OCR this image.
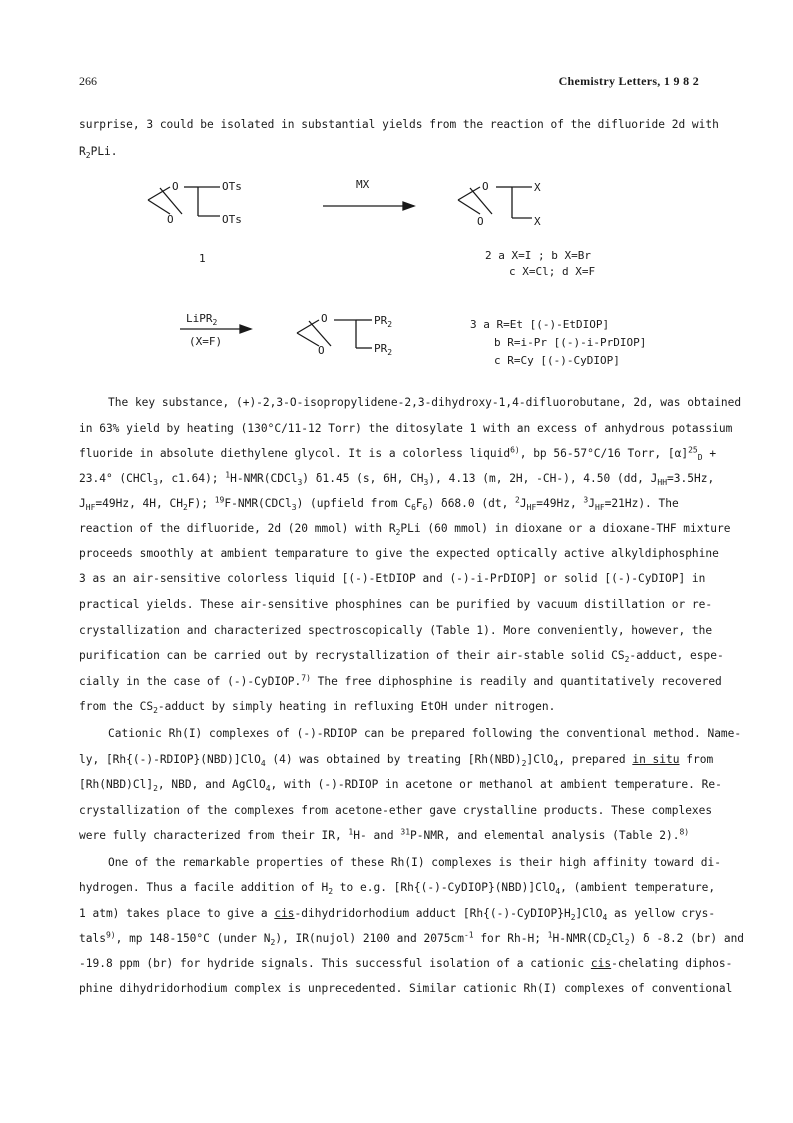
266	Chemistry Letters, 1 9 8 2
surprise, 3 could be isolated in substantial yields from the reaction of the difluoride 2d with
$R_2PLi$.
O
O
OTs
OTs
1
MX	O
O
X
X
2 a X=I ; b X=Br
c X=Cl; d X=F
LiPR$_2$
(X=F)
O
O
$PR_2$
$PR_2$
3 a R=Et [(-)-EtDIOP]
b R=i-Pr [(-)-i-PrDIOP]
c R=Cy [(-)-CyDIOP]
The key substance, (+)-2,3-O-isopropylidene-2,3-dihydroxy-1,4-difluorobutane, 2d, was obtained
in 63% yield by heating (130°C/11-12 Torr) the ditosylate 1 with an excess of anhydrous potassium
fluoride in absolute diethylene glycol. It is a colorless liquid$^{6)}$, bp 56-57°C/16 Torr, $[\alpha]^{25}_D$ +
23.4° (CHCl$_3$, c1.64); $^1$H-NMR(CDCl$_3$) δ1.45 (s, 6H, $CH_3$), 4.13 (m, 2H, -CH-), 4.50 (dd, $J_{HH}=3.5Hz$,
$J_{HF}=49Hz$, 4H, $CH_2F$); $^{19}$F-NMR(CDCl$_3$) (upfield from $C_6F_6$) δ68.0 (dt, $^2J_{HF}=49Hz$, $^3J_{HF}=21Hz$). The
reaction of the difluoride, 2d (20 mmol) with $R_2PLi$ (60 mmol) in dioxane or a dioxane-THF mixture
proceeds smoothly at ambient temparature to give the expected optically active alkyldiphosphine
3 as an air-sensitive colorless liquid [(-)-EtDIOP and (-)-i-PrDIOP] or solid [(-)-CyDIOP] in
practical yields. These air-sensitive phosphines can be purified by vacuum distillation or re-
crystallization and characterized spectroscopically (Table 1). More conveniently, however, the
purification can be carried out by recrystallization of their air-stable solid $CS_2$-adduct, espe-
cially in the case of (-)-CyDIOP.$^{7)}$ The free diphosphine is readily and quantitatively recovered
from the $CS_2$-adduct by simply heating in refluxing EtOH under nitrogen.
Cationic Rh(I) complexes of (-)-RDIOP can be prepared following the conventional method. Name-
ly, [Rh{(-)-RDIOP}(NBD)]ClO$_4$ (4) was obtained by treating $[Rh(NBD)_2]ClO_4$, prepared in situ from
$[Rh(NBD)Cl]_2$, NBD, and AgClO$_4$, with (-)-RDIOP in acetone or methanol at ambient temperature. Re-
crystallization of the complexes from acetone-ether gave crystalline products. These complexes
were fully characterized from their IR, $^1$H- and $^{31}$P-NMR, and elemental analysis (Table 2).$^{8)}$
One of the remarkable properties of these Rh(I) complexes is their high affinity toward di-
hydrogen. Thus a facile addition of $H_2$ to e.g. [Rh{(-)-CyDIOP}(NBD)]ClO$_4$, (ambient temperature,
1 atm) takes place to give a cis-dihydridorhodium adduct $[Rh\{(-)-CyDIOP\}H_2]ClO_4$ as yellow crys-
tals$^{9)}$, mp 148-150°C (under $N_2$), IR(nujol) 2100 and $2075cm^{-1}$ for Rh-H; $^1H-NMR(CD_2Cl_2)$ δ -8.2 (br) and
-19.8 ppm (br) for hydride signals. This successful isolation of a cationic cis-chelating diphos-
phine dihydridorhodium complex is unprecedented. Similar cationic Rh(I) complexes of conventional
